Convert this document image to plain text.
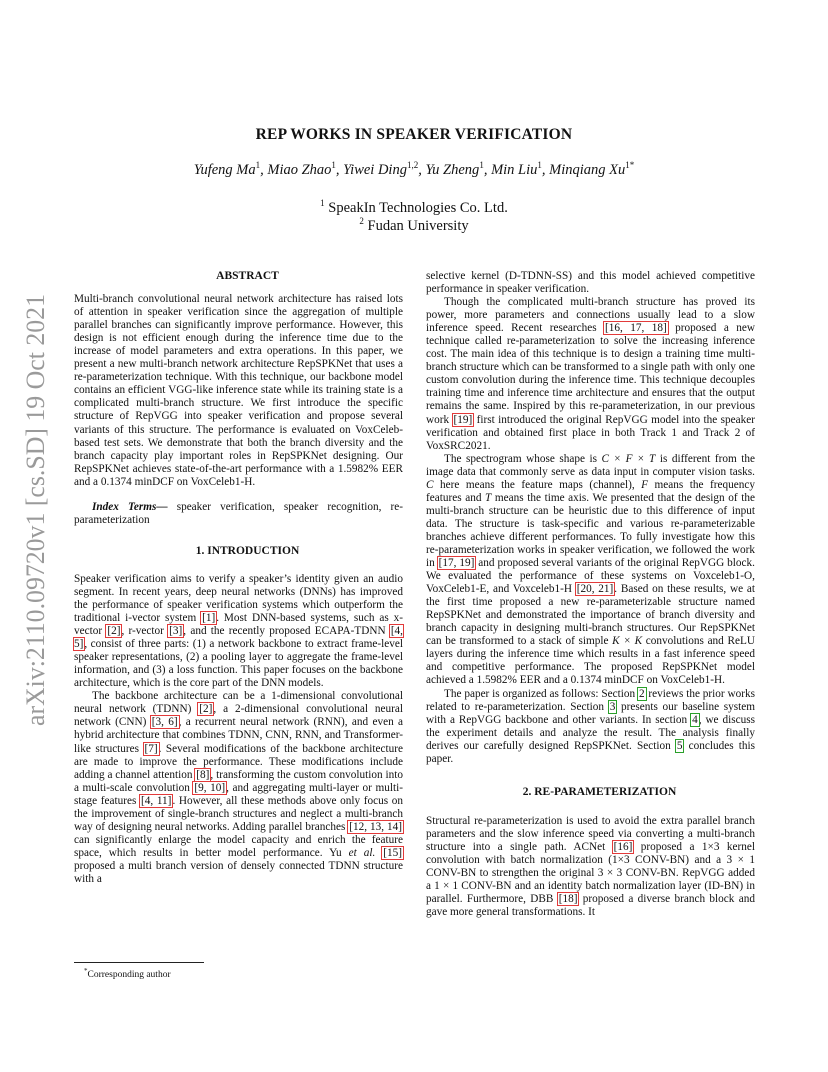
arXiv:2110.09720v1 [cs.SD] 19 Oct 2021
REP WORKS IN SPEAKER VERIFICATION
Yufeng Ma$^1$, Miao Zhao$^1$, Yiwei Ding$^{1,2}$, Yu Zheng$^1$, Min Liu$^1$, Minqiang $Xu^{1*}$
$^1$ SpeakIn Technologies Co. Ltd.
$^2$ Fudan University

ABSTRACT

Multi-branch convolutional neural network architecture has raised lots of attention in speaker verification since the aggregation of multiple parallel branches can significantly improve performance. However, this design is not efficient enough during the inference time due to the increase of model parameters and extra operations. In this paper, we present a new multi-branch network architecture RepSPKNet that uses a re-parameterization technique. With this technique, our backbone model contains an efficient VGG-like inference state while its training state is a complicated multi-branch structure. We first introduce the specific structure of RepVGG into speaker verification and propose several variants of this structure. The performance is evaluated on VoxCeleb-based test sets. We demonstrate that both the branch diversity and the branch capacity play important roles in RepSPKNet designing. Our RepSPKNet achieves state-of-the-art performance with a 1.5982% EER and a 0.1374 minDCF on VoxCeleb1-H.

Index Terms— speaker verification, speaker recognition, re-parameterization

1. INTRODUCTION

Speaker verification aims to verify a speaker’s identity given an audio segment. In recent years, deep neural networks (DNNs) has improved the performance of speaker verification systems which outperform the traditional i-vector system [1]. Most DNN-based systems, such as x-vector [2], r-vector [3], and the recently proposed ECAPA-TDNN [4, 5], consist of three parts: (1) a network backbone to extract frame-level speaker representations, (2) a pooling layer to aggregate the frame-level information, and (3) a loss function. This paper focuses on the backbone architecture, which is the core part of the DNN models.

The backbone architecture can be a 1-dimensional convolutional neural network (TDNN) [2], a 2-dimensional convolutional neural network (CNN) [3, 6], a recurrent neural network (RNN), and even a hybrid architecture that combines TDNN, CNN, RNN, and Transformer-like structures [7]. Several modifications of the backbone architecture are made to improve the performance. These modifications include adding a channel attention [8], transforming the custom convolution into a multi-scale convolution [9, 10], and aggregating multi-layer or multi-stage features [4, 11]. However, all these methods above only focus on the improvement of single-branch structures and neglect a multi-branch way of designing neural networks. Adding parallel branches [12, 13, 14] can significantly enlarge the model capacity and enrich the feature space, which results in better model performance. Yu et al. [15] proposed a multi branch version of densely connected TDNN structure with a

selective kernel (D-TDNN-SS) and this model achieved competitive performance in speaker verification.

Though the complicated multi-branch structure has proved its power, more parameters and connections usually lead to a slow inference speed. Recent researches [16, 17, 18] proposed a new technique called re-parameterization to solve the increasing inference cost. The main idea of this technique is to design a training time multi-branch structure which can be transformed to a single path with only one custom convolution during the inference time. This technique decouples training time and inference time architecture and ensures that the output remains the same. Inspired by this re-parameterization, in our previous work [19] first introduced the original RepVGG model into the speaker verification and obtained first place in both Track 1 and Track 2 of VoxSRC2021.

The spectrogram whose shape is C × F × T is different from the image data that commonly serve as data input in computer vision tasks. C here means the feature maps (channel), F means the frequency features and T means the time axis. We presented that the design of the multi-branch structure can be heuristic due to this difference of input data. The structure is task-specific and various re-parameterizable branches achieve different performances. To fully investigate how this re-parameterization works in speaker verification, we followed the work in [17, 19] and proposed several variants of the original RepVGG block. We evaluated the performance of these systems on Voxceleb1-O, VoxCeleb1-E, and Voxceleb1-H [20, 21]. Based on these results, we at the first time proposed a new re-parameterizable structure named RepSPKNet and demonstrated the importance of branch diversity and branch capacity in designing multi-branch structures. Our RepSPKNet can be transformed to a stack of simple K × K convolutions and ReLU layers during the inference time which results in a fast inference speed and competitive performance. The proposed RepSPKNet model achieved a 1.5982% EER and a 0.1374 minDCF on VoxCeleb1-H.

The paper is organized as follows: Section 2 reviews the prior works related to re-parameterization. Section 3 presents our baseline system with a RepVGG backbone and other variants. In section 4, we discuss the experiment details and analyze the result. The analysis finally derives our carefully designed RepSPKNet. Section 5 concludes this paper.

2. RE-PARAMETERIZATION

Structural re-parameterization is used to avoid the extra parallel branch parameters and the slow inference speed via converting a multi-branch structure into a single path. ACNet [16] proposed a 1×3 kernel convolution with batch normalization (1×3 CONV-BN) and a 3 × 1 CONV-BN to strengthen the original 3 × 3 CONV-BN. RepVGG added a 1 × 1 CONV-BN and an identity batch normalization layer (ID-BN) in parallel. Furthermore, DBB [18] proposed a diverse branch block and gave more general transformations. It

*Corresponding author
